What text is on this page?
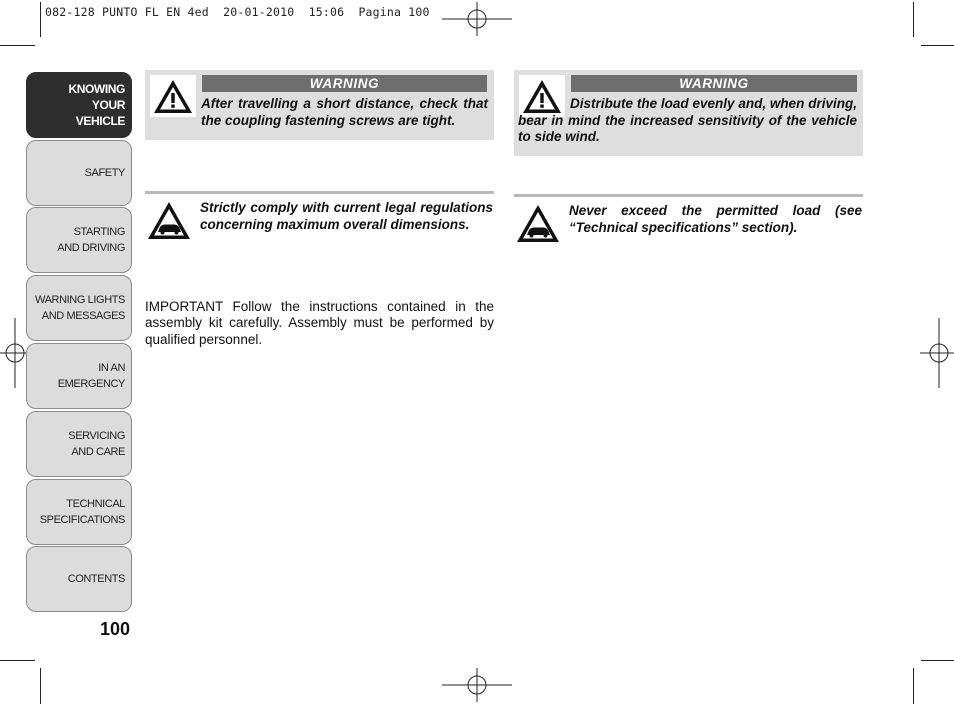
082-128 PUNTO FL EN 4ed  20-01-2010  15:06  Pagina 100
KNOWING
YOUR
VEHICLE
SAFETY
STARTING
AND DRIVING
WARNING LIGHTS
AND MESSAGES
IN AN
EMERGENCY
SERVICING
AND CARE
TECHNICAL
SPECIFICATIONS
CONTENTS
100
WARNING
After travelling a short distance, check that the coupling fastening screws are tight.
Strictly comply with current legal regulations concerning maximum overall dimensions.
IMPORTANT Follow the instructions contained in the assembly kit carefully. Assembly must be performed by qualified personnel.
WARNING
Distribute the load evenly and, when driving, bear in mind the increased sensitivity of the vehicle to side wind.
Never exceed the permitted load (see “Technical specifications” section).
